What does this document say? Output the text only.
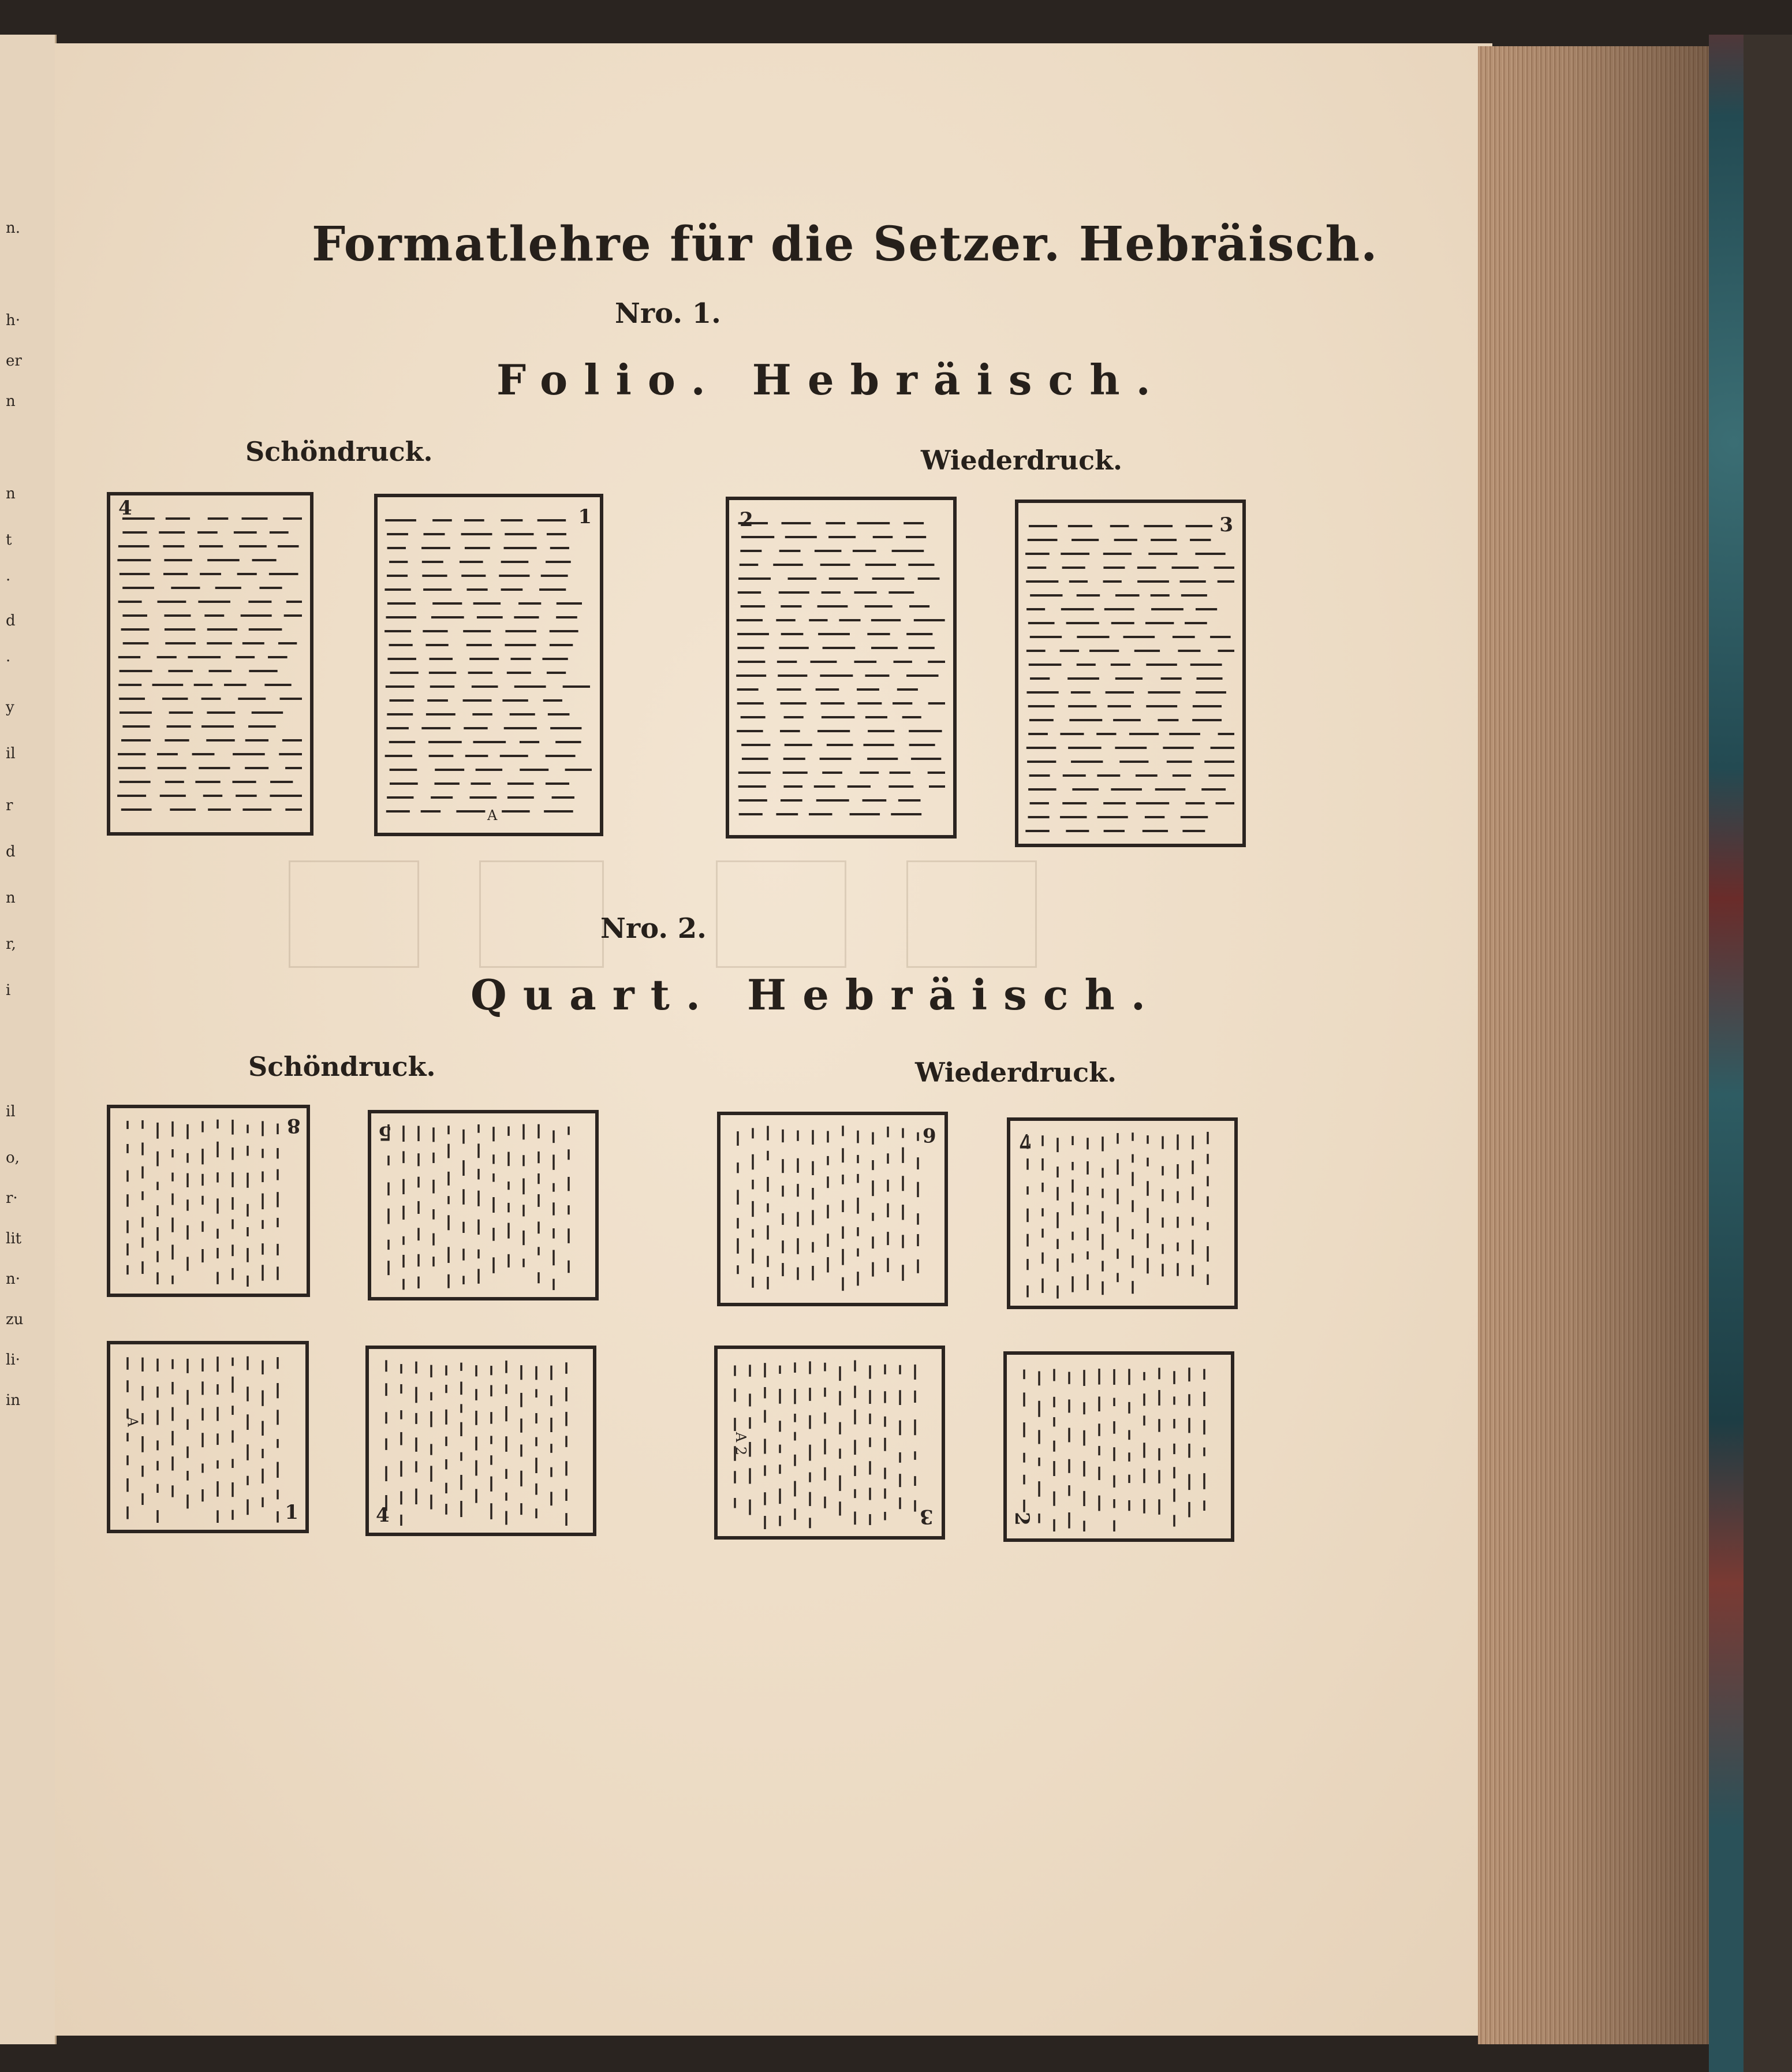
n.
h·
er
n
n
t
·
d
·
y
il
r
d
n
r,
i
il
o,
r·
lit
n·
zu
li·
in
Formatlehre für die Setzer. Hebräisch.
Nro. 1.
Folio. Hebräisch.
Schöndruck.	Wiederdruck.
4	1
A
2	3
Nro. 2.
Quart. Hebräisch.
Schöndruck.	Wiederdruck.
8	5	6	7
1
A
4	3
A 2
2
